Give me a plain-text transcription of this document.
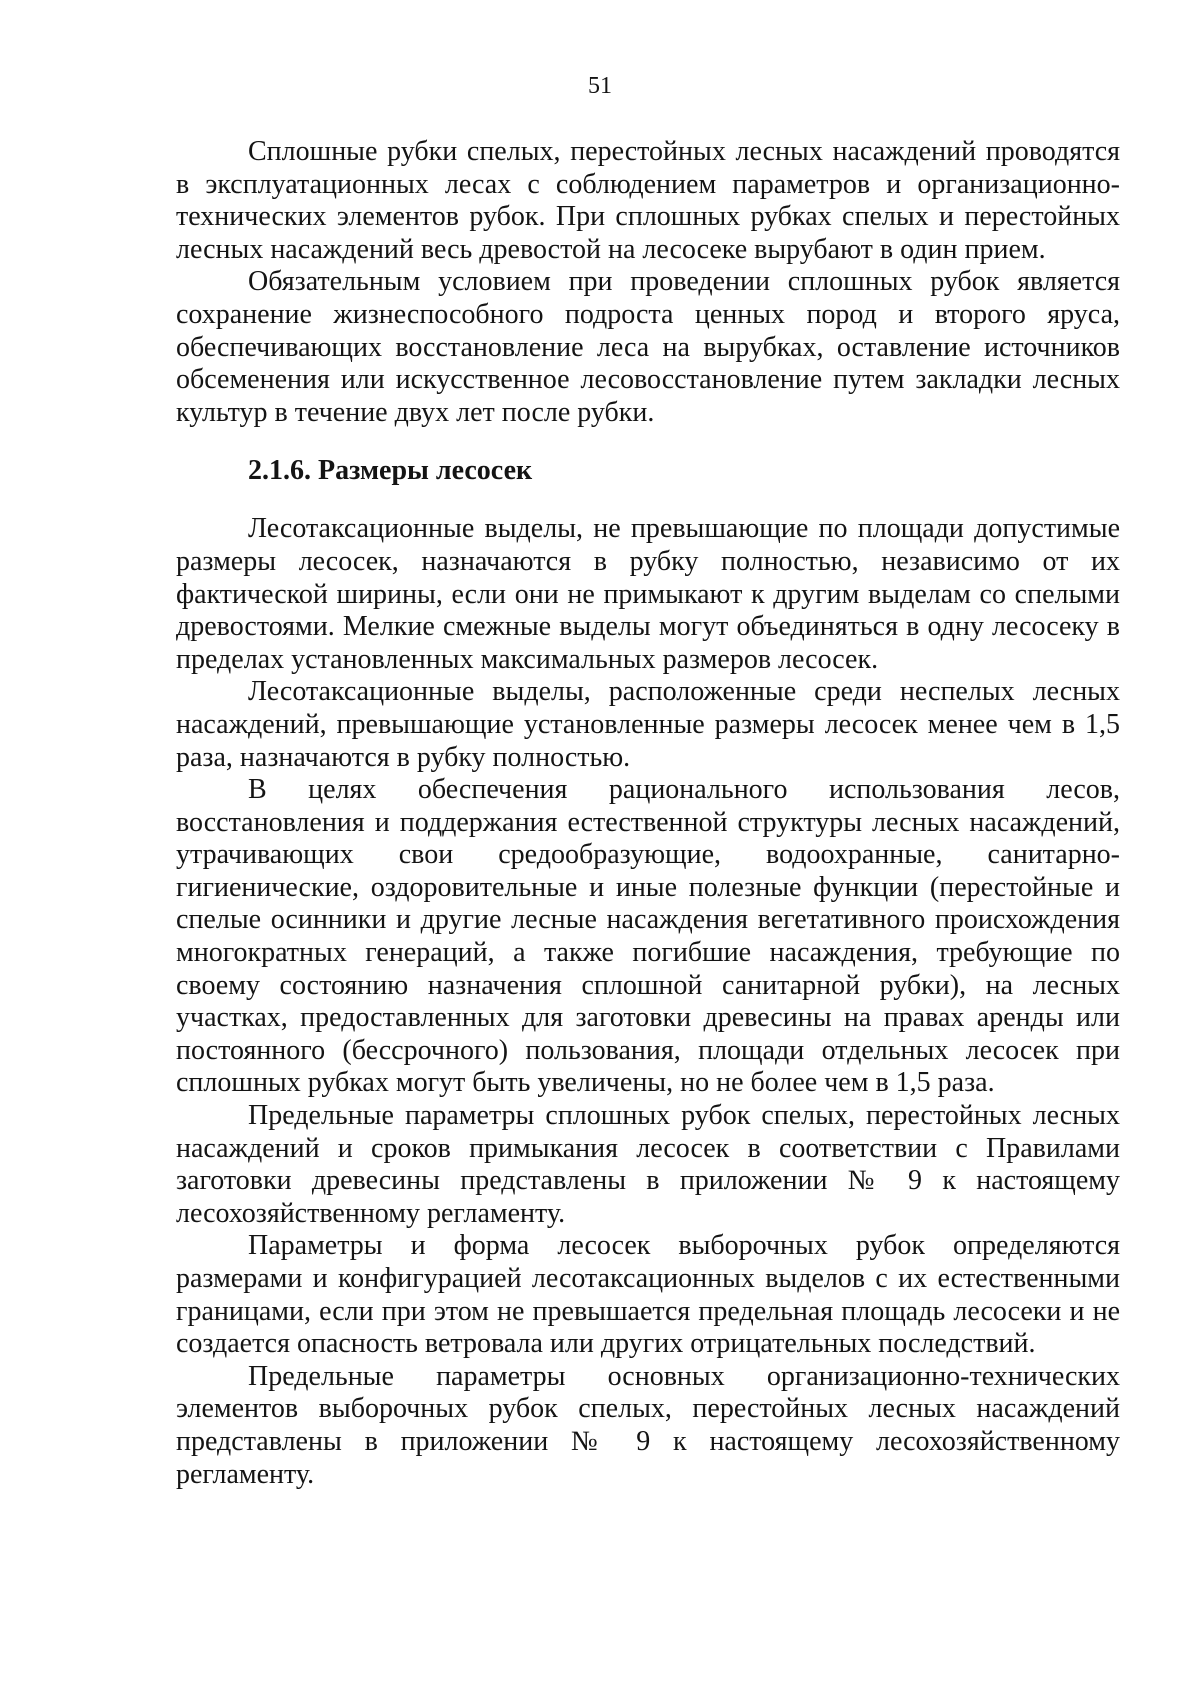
51

Сплошные рубки спелых, перестойных лесных насаждений проводятся в эксплуатационных лесах с соблюдением параметров и организационно-технических элементов рубок. При сплошных рубках спелых и перестойных лесных насаждений весь древостой на лесосеке вырубают в один прием.

Обязательным условием при проведении сплошных рубок является сохранение жизнеспособного подроста ценных пород и второго яруса, обеспечивающих восстановление леса на вырубках, оставление источников обсеменения или искусственное лесовосстановление путем закладки лесных культур в течение двух лет после рубки.

2.1.6. Размеры лесосек

Лесотаксационные выделы, не превышающие по площади допустимые размеры лесосек, назначаются в рубку полностью, независимо от их фактической ширины, если они не примыкают к другим выделам со спелыми древостоями. Мелкие смежные выделы могут объединяться в одну лесосеку в пределах установленных максимальных размеров лесосек.

Лесотаксационные выделы, расположенные среди неспелых лесных насаждений, превышающие установленные размеры лесосек менее чем в 1,5 раза, назначаются в рубку полностью.

В целях обеспечения рационального использования лесов, восстановления и поддержания естественной структуры лесных насаждений, утрачивающих свои средообразующие, водоохранные, санитарно-гигиенические, оздоровительные и иные полезные функции (перестойные и спелые осинники и другие лесные насаждения вегетативного происхождения многократных генераций, а также погибшие насаждения, требующие по своему состоянию назначения сплошной санитарной рубки), на лесных участках, предоставленных для заготовки древесины на правах аренды или постоянного (бессрочного) пользования, площади отдельных лесосек при сплошных рубках могут быть увеличены, но не более чем в 1,5 раза.

Предельные параметры сплошных рубок спелых, перестойных лесных насаждений и сроков примыкания лесосек в соответствии с Правилами заготовки древесины представлены в приложении № 9 к настоящему лесохозяйственному регламенту.

Параметры и форма лесосек выборочных рубок определяются размерами и конфигурацией лесотаксационных выделов с их естественными границами, если при этом не превышается предельная площадь лесосеки и не создается опасность ветровала или других отрицательных последствий.

Предельные параметры основных организационно-технических элементов выборочных рубок спелых, перестойных лесных насаждений представлены в приложении № 9 к настоящему лесохозяйственному регламенту.
